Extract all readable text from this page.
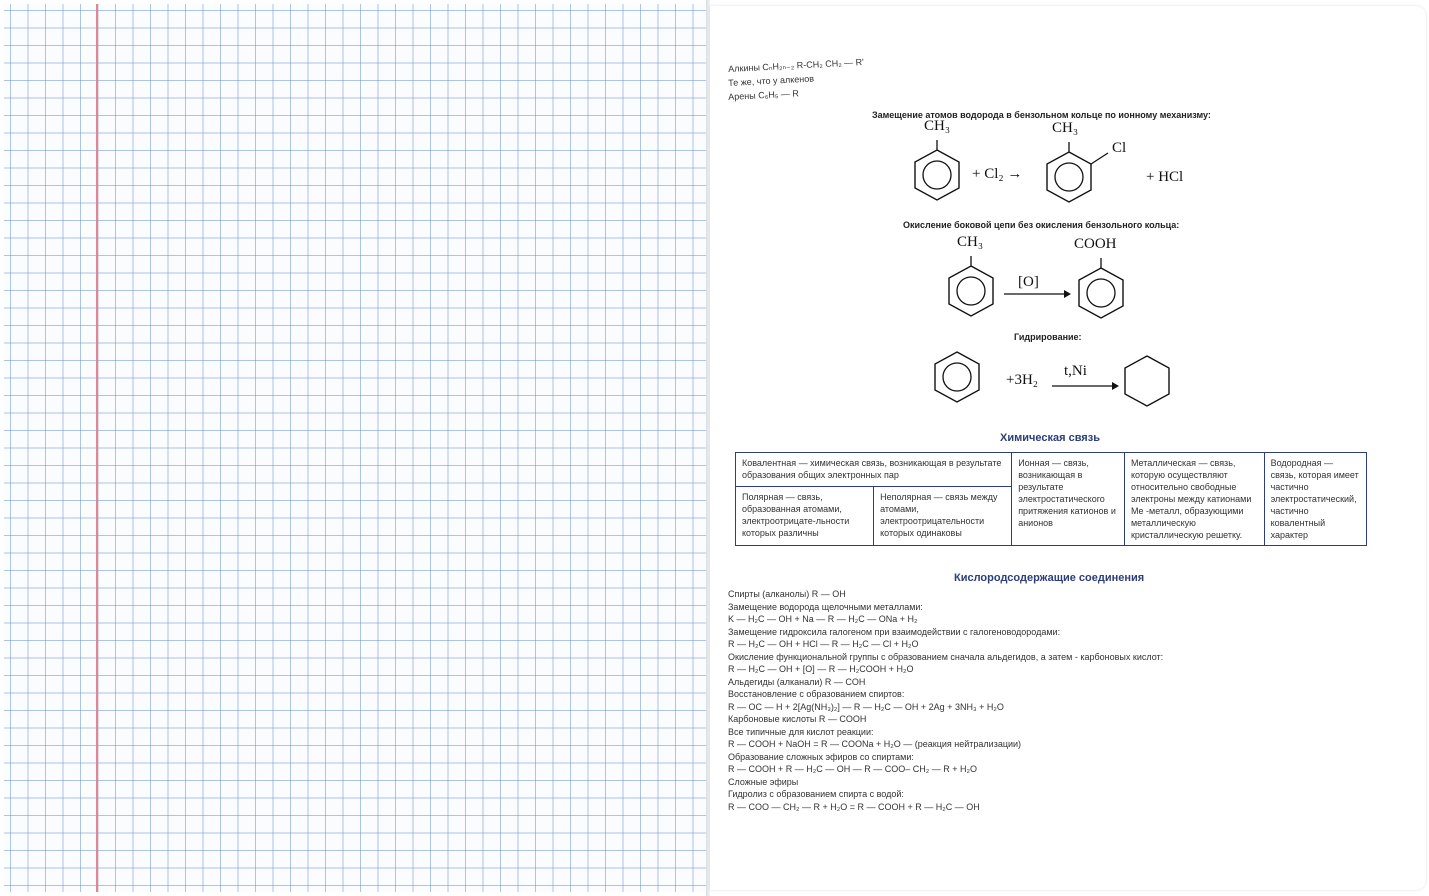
Алкины CₙH₂ₙ₋₂ R-CH₂ CH₂ — R'
Те же, что у алкенов
Арены C₆H₅ — R
Замещение атомов водорода в бензольном кольце по ионному механизму:
CH₃
+ Cl₂ →
CH₃
Cl
+ HCl
Окисление боковой цепи без окисления бензольного кольца:
CH₃
[O]
COOH
Гидрирование:
+3H₂
t,Ni
Химическая связь
Ковалентная — химическая связь, возникающая в результате образования общих электронных пар		Ионная — связь, возникающая в результате электростатического притяжения катионов и анионов	Металлическая — связь, которую осуществляют относительно свободные электроны между катионами Ме -металл, образующими металлическую кристаллическую решетку.	Водородная — связь, которая имеет частично электростатический, частично ковалентный характер
Полярная — связь, образованная атомами, электроотрицате-льности которых различны	Неполярная — связь между атомами, электроотрицательности которых одинаковы			
Кислородсодержащие соединения
Спирты (алканолы) R — OH
Замещение водорода щелочными металлами:
K — H₂C — OH + Na — R — H₂C — ONa + H₂
Замещение гидроксила галогеном при взаимодействии с галогеноводородами:
R — H₂C — OH + HCl — R — H₂C — Cl + H₂O
Окисление функциональной группы с образованием сначала альдегидов, а затем - карбоновых кислот:
R — H₂C — OH + [O] — R — H₂COOH + H₂O
Альдегиды (алканали) R — COH
Восстановление с образованием спиртов:
R — OC — H + 2[Ag(NH₃)₂] — R — H₂C — OH + 2Ag + 3NH₃ + H₂O
Карбоновые кислоты R — COOH
Все типичные для кислот реакции:
R — COOH + NaOH = R — COONa + H₂O — (реакция нейтрализации)
Образование сложных эфиров со спиртами:
R — COOH + R — H₂C — OH — R — COO– CH₂ — R + H₂O
Сложные эфиры
Гидролиз с образованием спирта с водой:
R — COO — CH₂ — R + H₂O = R — COOH + R — H₂C — OH
